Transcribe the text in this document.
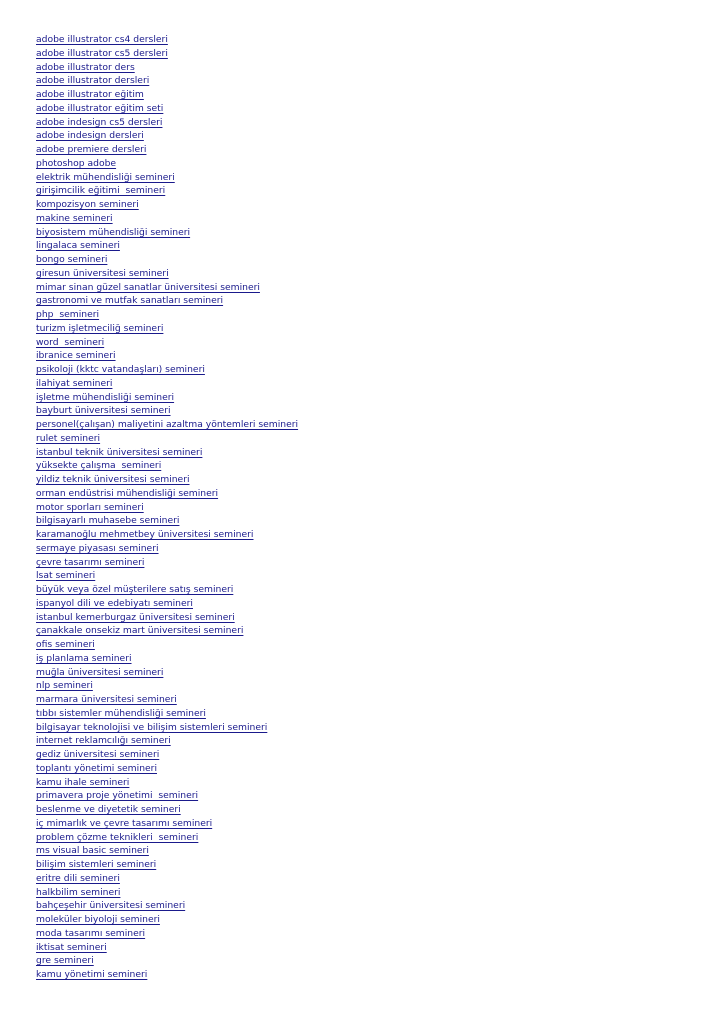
adobe illustrator cs4 dersleri
adobe illustrator cs5 dersleri
adobe illustrator ders
adobe illustrator dersleri
adobe illustrator eğitim
adobe illustrator eğitim seti
adobe indesign cs5 dersleri
adobe indesign dersleri
adobe premiere dersleri
photoshop adobe
elektrik mühendisliği semineri
girişimcilik eğitimi  semineri
kompozisyon semineri
makine semineri
biyosistem mühendisliği semineri
lingalaca semineri
bongo semineri
giresun üniversitesi semineri
mimar sinan güzel sanatlar üniversitesi semineri
gastronomi ve mutfak sanatları semineri
php  semineri
turizm işletmeciliğ semineri
word  semineri
ibranice semineri
psikoloji (kktc vatandaşları) semineri
ilahiyat semineri
işletme mühendisliği semineri
bayburt üniversitesi semineri
personel(çalışan) maliyetini azaltma yöntemleri semineri
rulet semineri
istanbul teknik üniversitesi semineri
yüksekte çalışma  semineri
yildiz teknik üniversitesi semineri
orman endüstrisi mühendisliği semineri
motor sporları semineri
bilgisayarlı muhasebe semineri
karamanoğlu mehmetbey üniversitesi semineri
sermaye piyasası semineri
çevre tasarımı semineri
lsat semineri
büyük veya özel müşterilere satış semineri
ispanyol dili ve edebiyatı semineri
istanbul kemerburgaz üniversitesi semineri
çanakkale onsekiz mart üniversitesi semineri
ofis semineri
iş planlama semineri
muğla üniversitesi semineri
nlp semineri
marmara üniversitesi semineri
tıbbı sistemler mühendisliği semineri
bilgisayar teknolojisi ve bilişim sistemleri semineri
internet reklamcılığı semineri
gediz üniversitesi semineri
toplantı yönetimi semineri
kamu ihale semineri
primavera proje yönetimi  semineri
beslenme ve diyetetik semineri
iç mimarlık ve çevre tasarımı semineri
problem çözme teknikleri  semineri
ms visual basic semineri
bilişim sistemleri semineri
eritre dili semineri
halkbilim semineri
bahçeşehir üniversitesi semineri
moleküler biyoloji semineri
moda tasarımı semineri
iktisat semineri
gre semineri
kamu yönetimi semineri
